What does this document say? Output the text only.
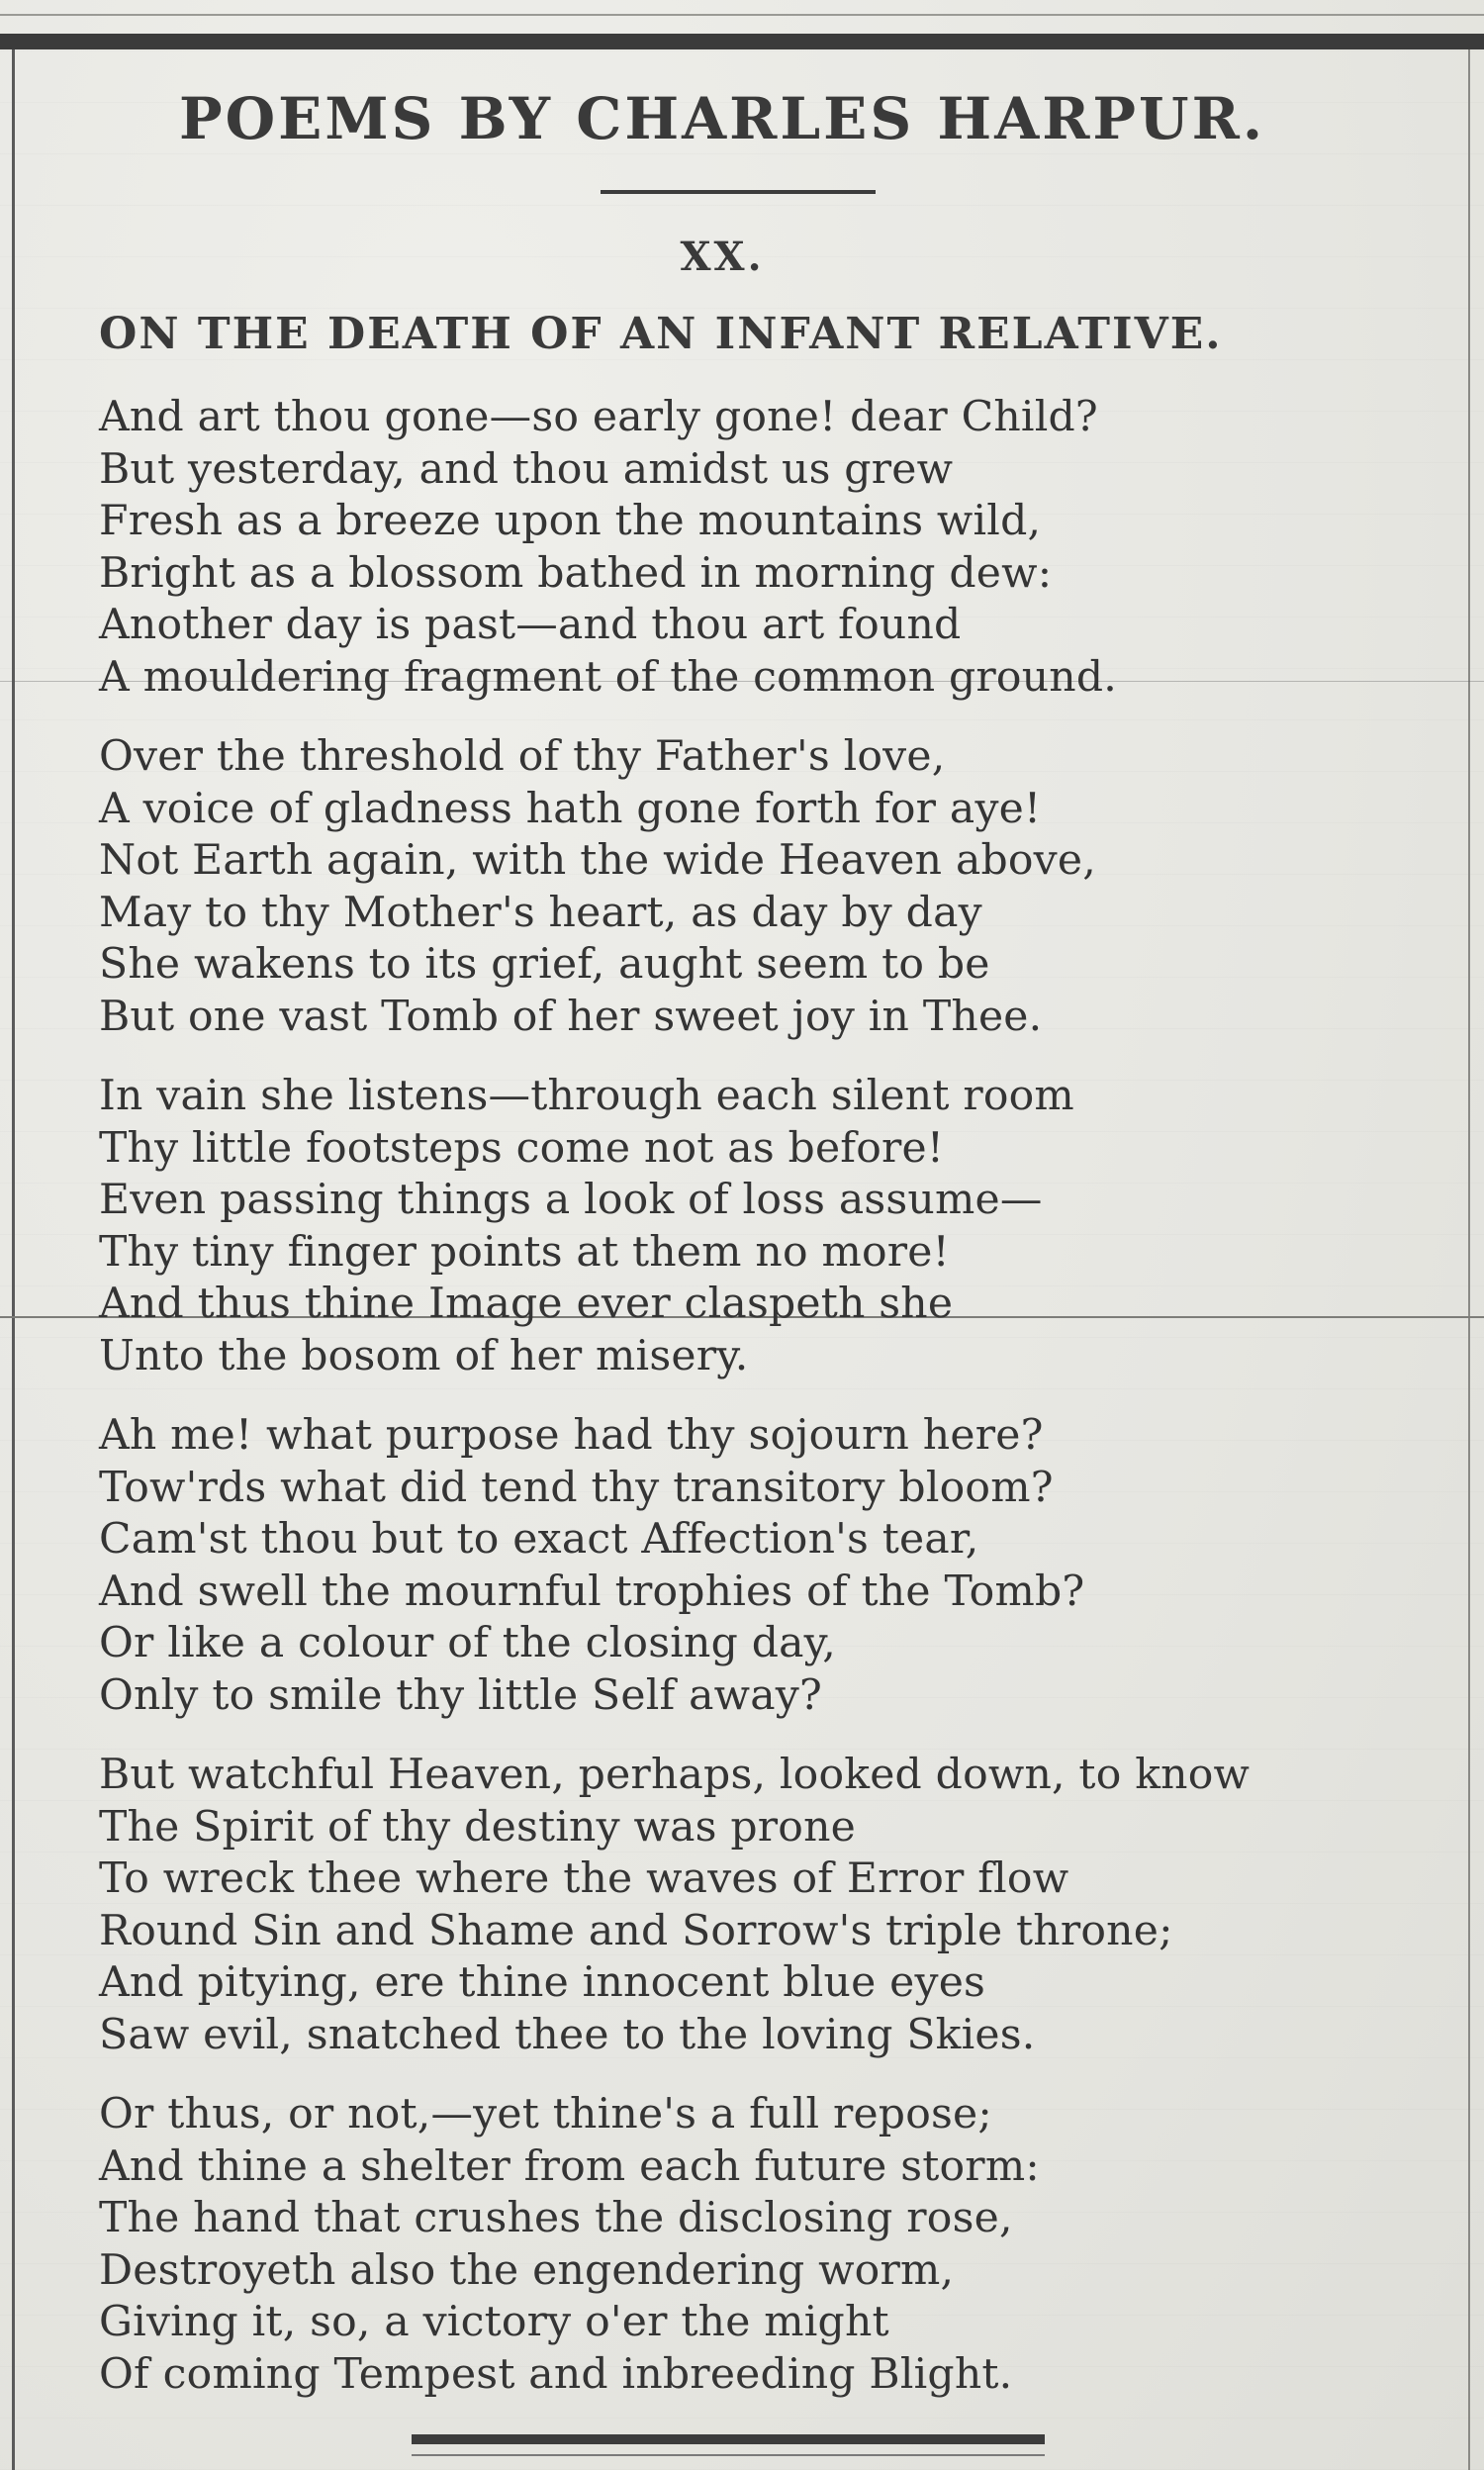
POEMS BY CHARLES HARPUR.
XX.
ON THE DEATH OF AN INFANT RELATIVE.
And art thou gone—so early gone! dear Child?
But yesterday, and thou amidst us grew
Fresh as a breeze upon the mountains wild,
Bright as a blossom bathed in morning dew:
Another day is past—and thou art found
A mouldering fragment of the common ground.
Over the threshold of thy Father's love,
A voice of gladness hath gone forth for aye!
Not Earth again, with the wide Heaven above,
May to thy Mother's heart, as day by day
She wakens to its grief, aught seem to be
But one vast Tomb of her sweet joy in Thee.
In vain she listens—through each silent room
Thy little footsteps come not as before!
Even passing things a look of loss assume—
Thy tiny finger points at them no more!
And thus thine Image ever claspeth she
Unto the bosom of her misery.
Ah me! what purpose had thy sojourn here?
Tow'rds what did tend thy transitory bloom?
Cam'st thou but to exact Affection's tear,
And swell the mournful trophies of the Tomb?
Or like a colour of the closing day,
Only to smile thy little Self away?
But watchful Heaven, perhaps, looked down, to know
The Spirit of thy destiny was prone
To wreck thee where the waves of Error flow
Round Sin and Shame and Sorrow's triple throne;
And pitying, ere thine innocent blue eyes
Saw evil, snatched thee to the loving Skies.
Or thus, or not,—yet thine's a full repose;
And thine a shelter from each future storm:
The hand that crushes the disclosing rose,
Destroyeth also the engendering worm,
Giving it, so, a victory o'er the might
Of coming Tempest and inbreeding Blight.
